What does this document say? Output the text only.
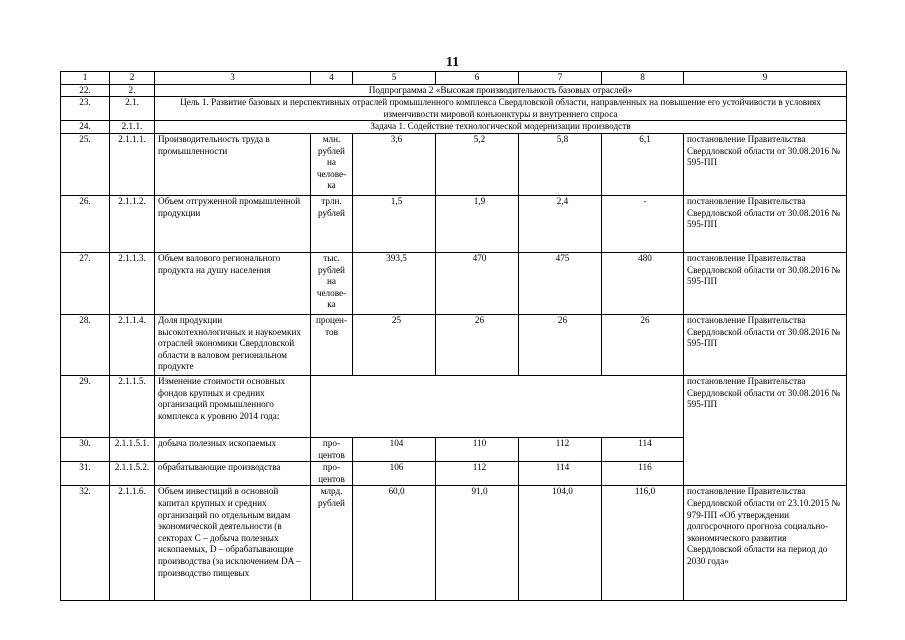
11
1	2	3	4	5	6	7	8	9
22.	2.	Подпрограмма 2 «Высокая производительность базовых отраслей»						
23.	2.1.	Цель 1. Развитие базовых и перспективных отраслей промышленного комплекса Свердловской области, направленных на повышение его устойчивости в условиях изменчивости мировой конъюнктуры и внутреннего спроса						
24.	2.1.1.	Задача 1. Содействие технологической модернизации производств						
25.	2.1.1.1.	Производительность труда в промышленности	млн. рублей на челове-ка	3,6	5,2	5,8	6,1	постановление Правительства Свердловской области от 30.08.2016 № 595-ПП
26.	2.1.1.2.	Объем отгруженной промышленной продукции	трлн. рублей	1,5	1,9	2,4	-	постановление Правительства Свердловской области от 30.08.2016 № 595-ПП
27.	2.1.1.3.	Объем валового регионального продукта на душу населения	тыс. рублей на челове-ка	393,5	470	475	480	постановление Правительства Свердловской области от 30.08.2016 № 595-ПП
28.	2.1.1.4.	Доля продукции высокотехнологичных и наукоемких отраслей экономики Свердловской области в валовом региональном продукте	процен-тов	25	26	26	26	постановление Правительства Свердловской области от 30.08.2016 № 595-ПП
29.	2.1.1.5.	Изменение стоимости основных фондов крупных и средних организаций промышленного комплекса к уровню 2014 года:						постановление Правительства Свердловской области от 30.08.2016 № 595-ПП
30.	2.1.1.5.1.	добыча полезных ископаемых	про-центов	104	110	112	114	
31.	2.1.1.5.2.	обрабатывающие производства	про-центов	106	112	114	116	
32.	2.1.1.6.	Объем инвестиций в основной капитал крупных и средних организаций по отдельным видам экономической деятельности (в секторах C – добыча полезных ископаемых, D – обрабатывающие производства (за исключением DA – производство пищевых	млрд. рублей	60,0	91,0	104,0	116,0	постановление Правительства Свердловской области от 23.10.2015 № 979-ПП «Об утверждении долгосрочного прогноза социально-экономического развития Свердловской области на период до 2030 года»
